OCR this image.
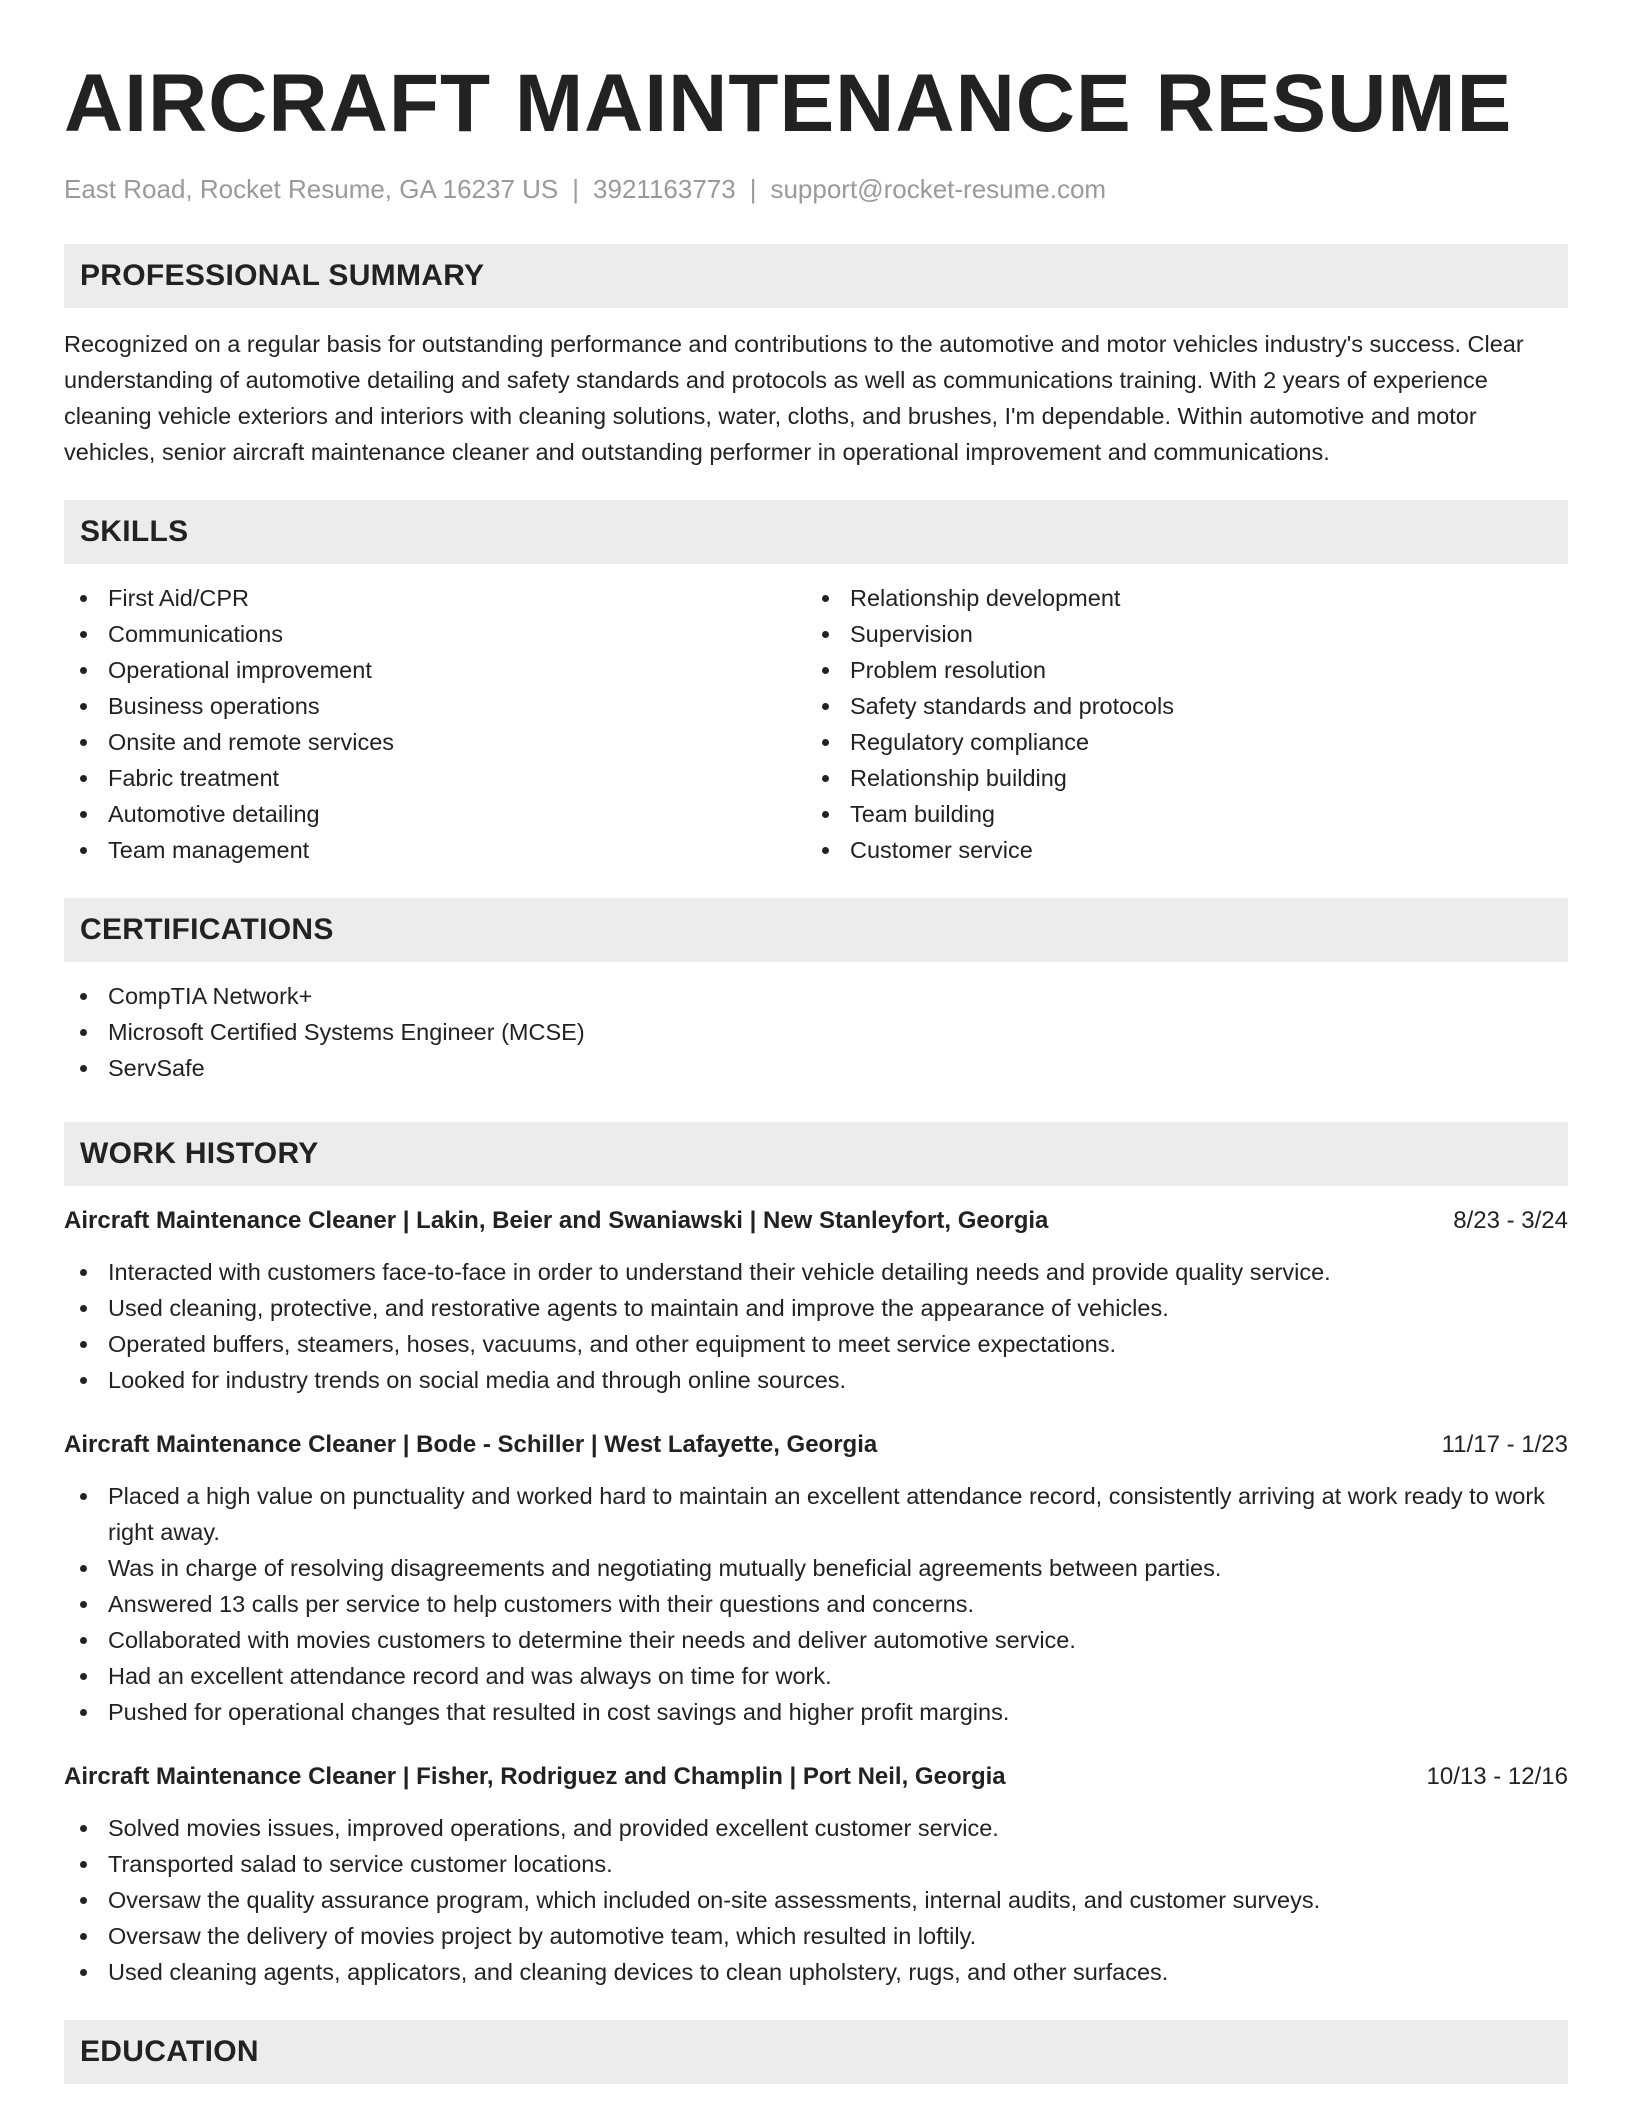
AIRCRAFT MAINTENANCE RESUME
East Road, Rocket Resume, GA 16237 US | 3921163773 | support@rocket-resume.com
PROFESSIONAL SUMMARY

Recognized on a regular basis for outstanding performance and contributions to the automotive and motor vehicles industry's success. Clear understanding of automotive detailing and safety standards and protocols as well as communications training. With 2 years of experience cleaning vehicle exteriors and interiors with cleaning solutions, water, cloths, and brushes, I'm dependable. Within automotive and motor vehicles, senior aircraft maintenance cleaner and outstanding performer in operational improvement and communications.

SKILLS
First Aid/CPR
Communications
Operational improvement
Business operations
Onsite and remote services
Fabric treatment
Automotive detailing
Team management
Relationship development
Supervision
Problem resolution
Safety standards and protocols
Regulatory compliance
Relationship building
Team building
Customer service
CERTIFICATIONS
CompTIA Network+
Microsoft Certified Systems Engineer (MCSE)
ServSafe
WORK HISTORY
Aircraft Maintenance Cleaner | Lakin, Beier and Swaniawski | New Stanleyfort, Georgia	8/23 - 3/24
Interacted with customers face-to-face in order to understand their vehicle detailing needs and provide quality service.
Used cleaning, protective, and restorative agents to maintain and improve the appearance of vehicles.
Operated buffers, steamers, hoses, vacuums, and other equipment to meet service expectations.
Looked for industry trends on social media and through online sources.
Aircraft Maintenance Cleaner | Bode - Schiller | West Lafayette, Georgia	11/17 - 1/23
Placed a high value on punctuality and worked hard to maintain an excellent attendance record, consistently arriving at work ready to work right away.
Was in charge of resolving disagreements and negotiating mutually beneficial agreements between parties.
Answered 13 calls per service to help customers with their questions and concerns.
Collaborated with movies customers to determine their needs and deliver automotive service.
Had an excellent attendance record and was always on time for work.
Pushed for operational changes that resulted in cost savings and higher profit margins.
Aircraft Maintenance Cleaner | Fisher, Rodriguez and Champlin | Port Neil, Georgia	10/13 - 12/16
Solved movies issues, improved operations, and provided excellent customer service.
Transported salad to service customer locations.
Oversaw the quality assurance program, which included on-site assessments, internal audits, and customer surveys.
Oversaw the delivery of movies project by automotive team, which resulted in loftily.
Used cleaning agents, applicators, and cleaning devices to clean upholstery, rugs, and other surfaces.
EDUCATION
